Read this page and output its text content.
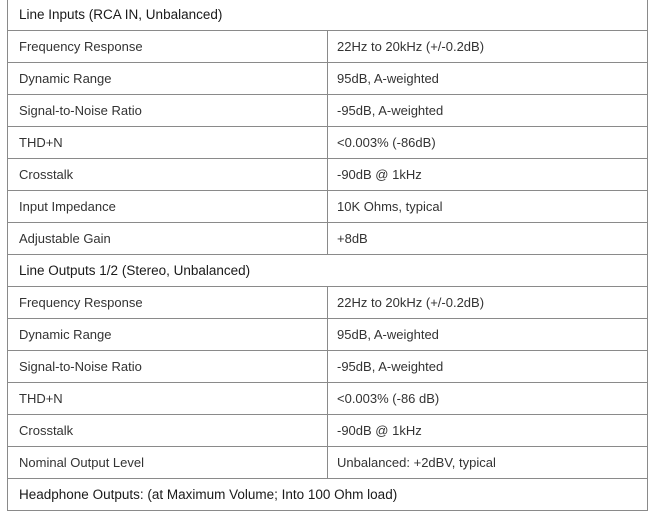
Line Inputs (RCA IN, Unbalanced)	
Frequency Response	22Hz to 20kHz (+/-0.2dB)
Dynamic Range	95dB, A-weighted
Signal-to-Noise Ratio	-95dB, A-weighted
THD+N	<0.003% (-86dB)
Crosstalk	-90dB @ 1kHz
Input Impedance	10K Ohms, typical
Adjustable Gain	+8dB
Line Outputs 1/2 (Stereo, Unbalanced)	
Frequency Response	22Hz to 20kHz (+/-0.2dB)
Dynamic Range	95dB, A-weighted
Signal-to-Noise Ratio	-95dB, A-weighted
THD+N	<0.003% (-86 dB)
Crosstalk	-90dB @ 1kHz
Nominal Output Level	Unbalanced: +2dBV, typical
Headphone Outputs: (at Maximum Volume; Into 100 Ohm load)	
